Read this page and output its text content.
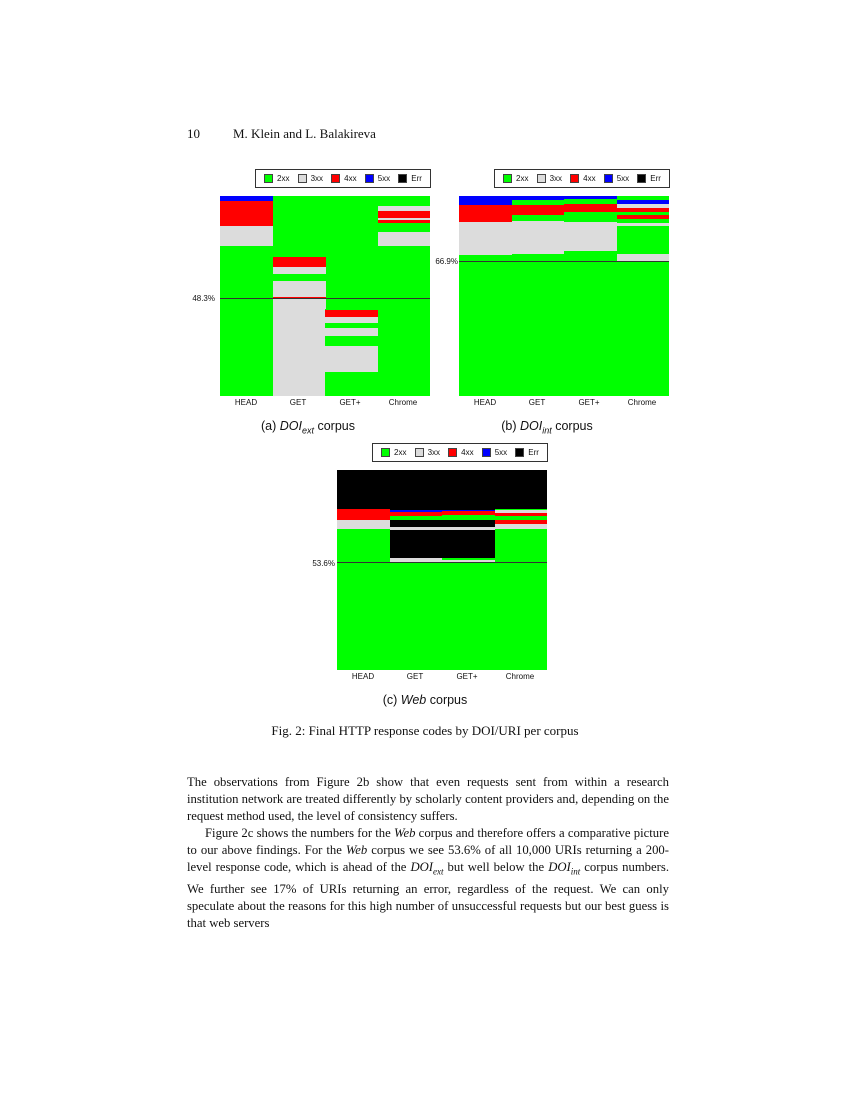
10	M. Klein and L. Balakireva
2xx	3xx	4xx	5xx	Err
48.3%
HEAD	GET	GET+	Chrome
(a) $DOI_{ext}$ corpus
2xx	3xx	4xx	5xx	Err
66.9%
HEAD	GET	GET+	Chrome
(b) $DOI_{int}$ corpus
2xx	3xx	4xx	5xx	Err
53.6%
HEAD	GET	GET+	Chrome
(c) Web corpus
Fig. 2: Final HTTP response codes by DOI/URI per corpus

The observations from Figure 2b show that even requests sent from within a research institution network are treated differently by scholarly content providers and, depending on the request method used, the level of consistency suffers.

Figure 2c shows the numbers for the Web corpus and therefore offers a comparative picture to our above findings. For the Web corpus we see 53.6% of all 10,000 URIs returning a 200-level response code, which is ahead of the $DOI_{ext}$ but well below the $DOI_{int}$ corpus numbers. We further see 17% of URIs returning an error, regardless of the request. We can only speculate about the reasons for this high number of unsuccessful requests but our best guess is that web servers
